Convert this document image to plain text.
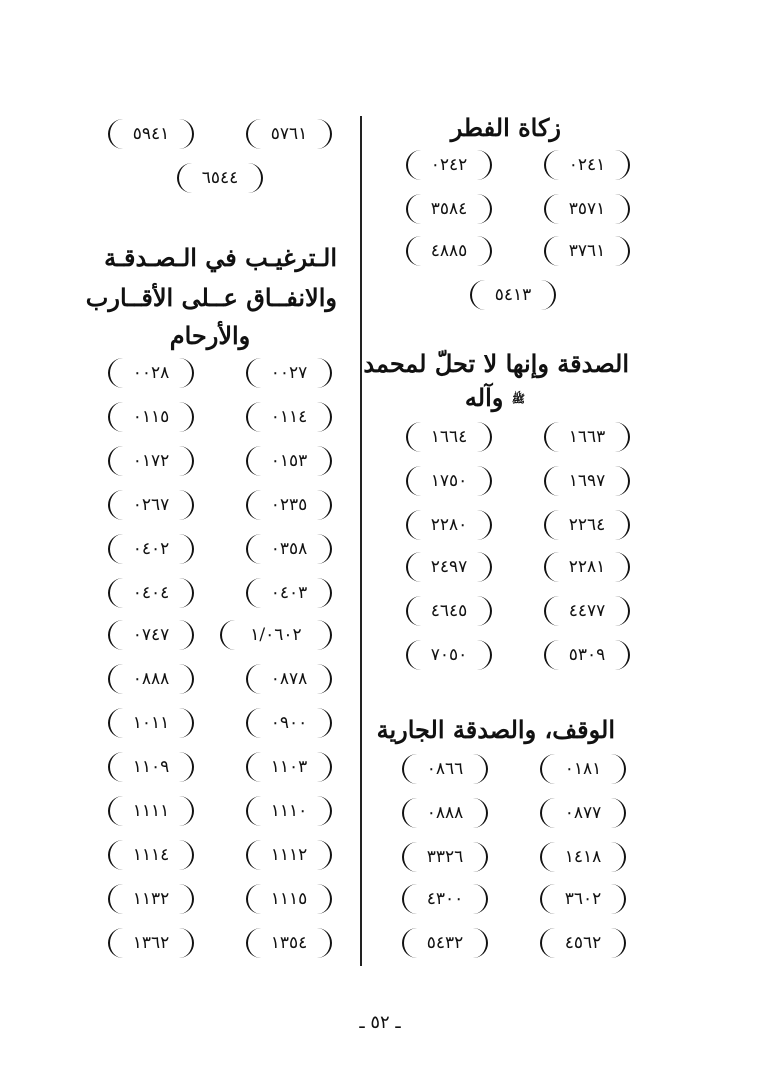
٥٧٦١
٥٩٤١
٦٥٤٤
الـترغيـب في الـصـدقـة
والانفــاق عــلى الأقــارب
والأرحام
٠٠٢٧
٠٠٢٨
٠١١٤
٠١١٥
٠١٥٣
٠١٧٢
٠٢٣٥
٠٢٦٧
٠٣٥٨
٠٤٠٢
٠٤٠٣
٠٤٠٤
١/٠٦٠٢
٠٧٤٧
٠٨٧٨
٠٨٨٨
٠٩٠٠
١٠١١
١١٠٣
١١٠٩
١١١٠
١١١١
١١١٢
١١١٤
١١١٥
١١٣٢
١٣٥٤
١٣٦٢
زكاة الفطر
٠٢٤١
٠٢٤٢
٣٥٧١
٣٥٨٤
٣٧٦١
٤٨٨٥
٥٤١٣
الصدقة وإنها لا تحلّ لمحمد
ﷺ وآله
١٦٦٣
١٦٦٤
١٦٩٧
١٧٥٠
٢٢٦٤
٢٢٨٠
٢٢٨١
٢٤٩٧
٤٤٧٧
٤٦٤٥
٥٣٠٩
٧٠٥٠
الوقف، والصدقة الجارية
٠١٨١
٠٨٦٦
٠٨٧٧
٠٨٨٨
١٤١٨
٣٣٢٦
٣٦٠٢
٤٣٠٠
٤٥٦٢
٥٤٣٢
ـ ٥٢ ـ
